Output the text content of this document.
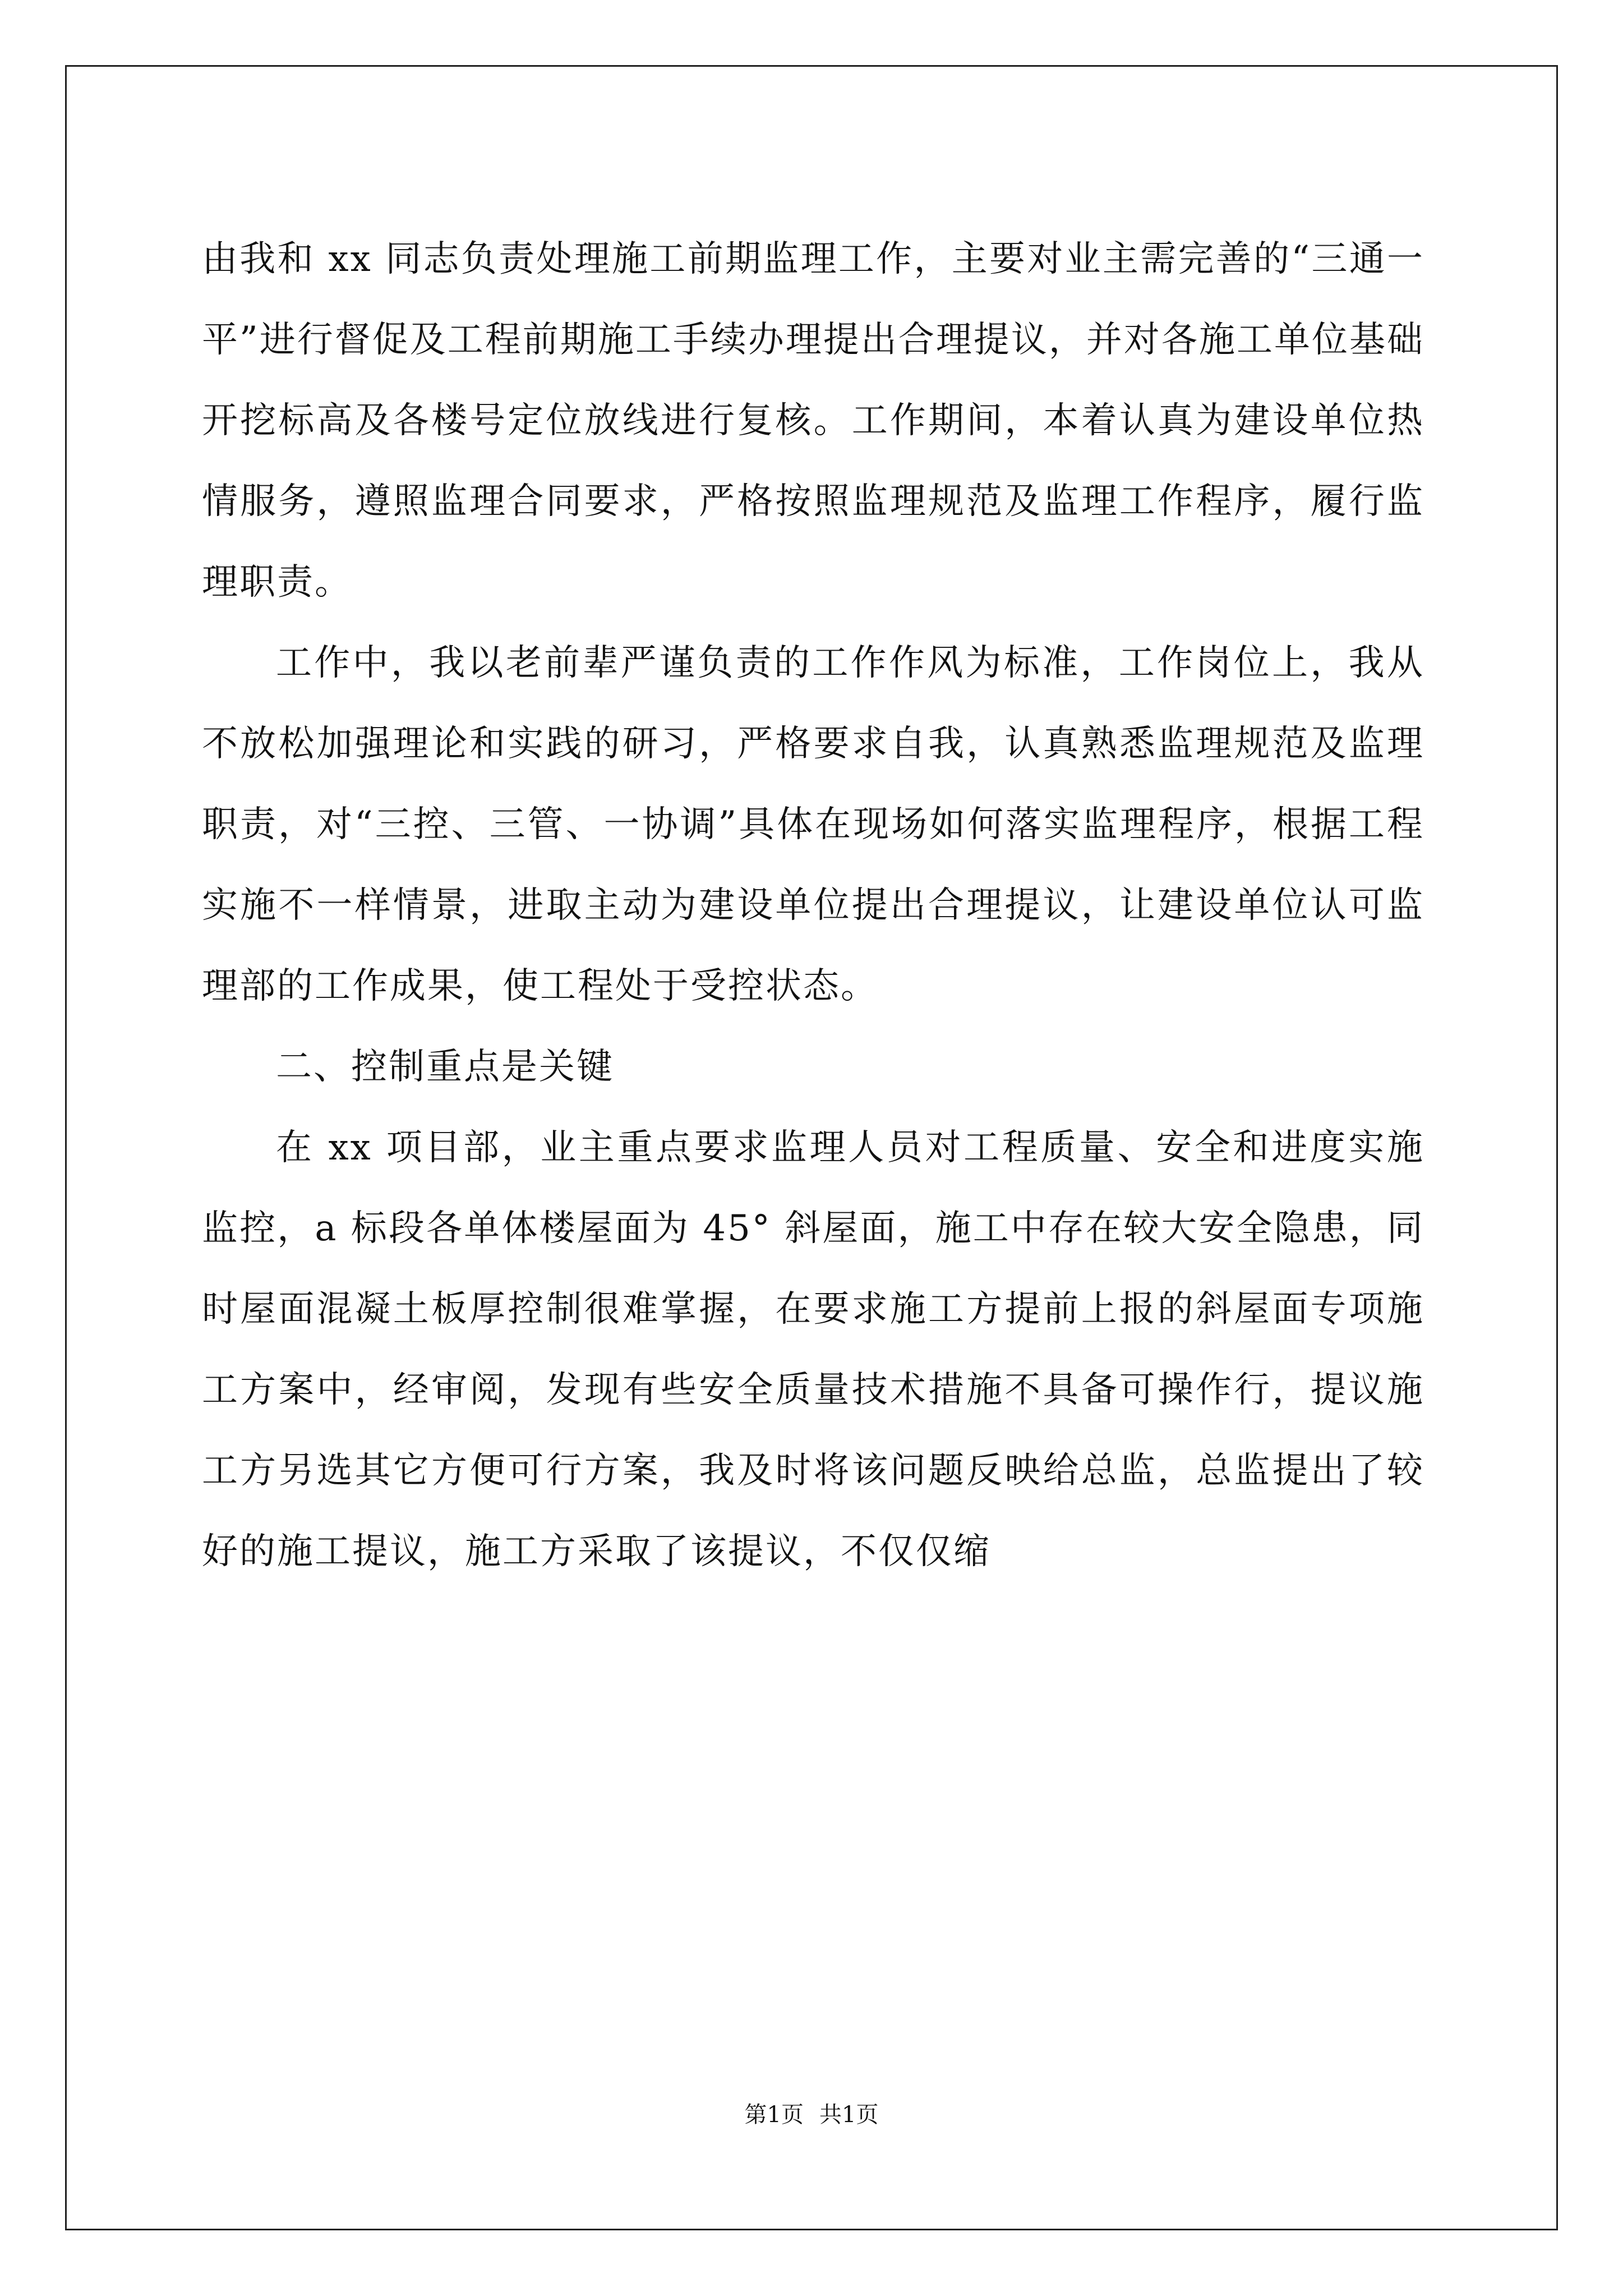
由我和 xx 同志负责处理施工前期监理工作，主要对业主需完善的“三通一平”进行督促及工程前期施工手续办理提出合理提议，并对各施工单位基础开挖标高及各楼号定位放线进行复核。工作期间，本着认真为建设单位热情服务，遵照监理合同要求，严格按照监理规范及监理工作程序，履行监理职责。

工作中，我以老前辈严谨负责的工作作风为标准，工作岗位上，我从不放松加强理论和实践的研习，严格要求自我，认真熟悉监理规范及监理职责，对“三控、三管、一协调”具体在现场如何落实监理程序，根据工程实施不一样情景，进取主动为建设单位提出合理提议，让建设单位认可监理部的工作成果，使工程处于受控状态。

二、控制重点是关键

在 xx 项目部，业主重点要求监理人员对工程质量、安全和进度实施监控，a 标段各单体楼屋面为 45° 斜屋面，施工中存在较大安全隐患，同时屋面混凝土板厚控制很难掌握，在要求施工方提前上报的斜屋面专项施工方案中，经审阅，发现有些安全质量技术措施不具备可操作行，提议施工方另选其它方便可行方案，我及时将该问题反映给总监，总监提出了较好的施工提议，施工方采取了该提议，不仅仅缩

第1页 共1页
